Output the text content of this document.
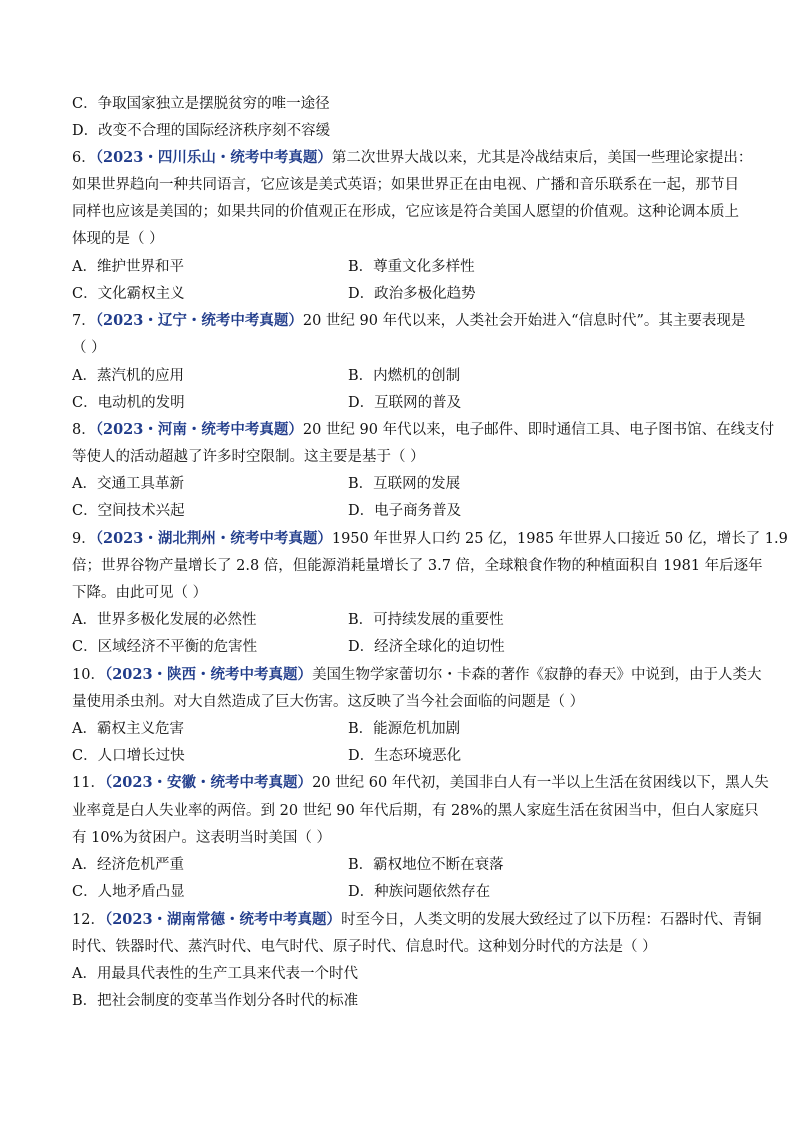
C．争取国家独立是摆脱贫穷的唯一途径
D．改变不合理的国际经济秩序刻不容缓
6．（2023・四川乐山・统考中考真题）第二次世界大战以来，尤其是冷战结束后，美国一些理论家提出：
如果世界趋向一种共同语言，它应该是美式英语；如果世界正在由电视、广播和音乐联系在一起，那节目
同样也应该是美国的；如果共同的价值观正在形成，它应该是符合美国人愿望的价值观。这种论调本质上
体现的是（ ）
A．维护世界和平	B．尊重文化多样性
C．文化霸权主义	D．政治多极化趋势
7．（2023・辽宁・统考中考真题）20 世纪 90 年代以来，人类社会开始进入“信息时代”。其主要表现是
（ ）
A．蒸汽机的应用	B．内燃机的创制
C．电动机的发明	D．互联网的普及
8．（2023・河南・统考中考真题）20 世纪 90 年代以来，电子邮件、即时通信工具、电子图书馆、在线支付
等使人的活动超越了许多时空限制。这主要是基于（ ）
A．交通工具革新	B．互联网的发展
C．空间技术兴起	D．电子商务普及
9．（2023・湖北荆州・统考中考真题）1950 年世界人口约 25 亿，1985 年世界人口接近 50 亿，增长了 1.9
倍；世界谷物产量增长了 2.8 倍，但能源消耗量增长了 3.7 倍，全球粮食作物的种植面积自 1981 年后逐年
下降。由此可见（ ）
A．世界多极化发展的必然性	B．可持续发展的重要性
C．区域经济不平衡的危害性	D．经济全球化的迫切性
10．（2023・陕西・统考中考真题）美国生物学家蕾切尔・卡森的著作《寂静的春天》中说到，由于人类大
量使用杀虫剂。对大自然造成了巨大伤害。这反映了当今社会面临的问题是（ ）
A．霸权主义危害	B．能源危机加剧
C．人口增长过快	D．生态环境恶化
11．（2023・安徽・统考中考真题）20 世纪 60 年代初，美国非白人有一半以上生活在贫困线以下，黑人失
业率竟是白人失业率的两倍。到 20 世纪 90 年代后期，有 28%的黑人家庭生活在贫困当中，但白人家庭只
有 10%为贫困户。这表明当时美国（ ）
A．经济危机严重	B．霸权地位不断在衰落
C．人地矛盾凸显	D．种族问题依然存在
12．（2023・湖南常德・统考中考真题）时至今日，人类文明的发展大致经过了以下历程：石器时代、青铜
时代、铁器时代、蒸汽时代、电气时代、原子时代、信息时代。这种划分时代的方法是（ ）
A．用最具代表性的生产工具来代表一个时代
B．把社会制度的变革当作划分各时代的标准
